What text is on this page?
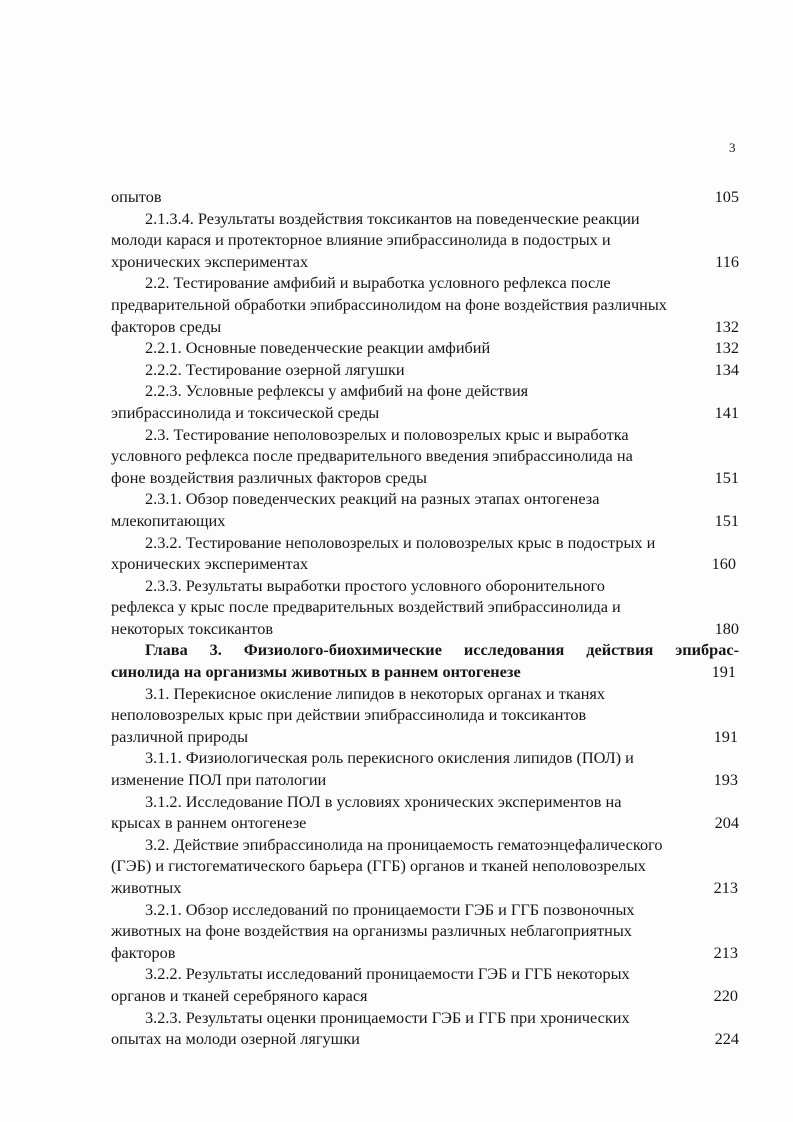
3
опытов	105
2.1.3.4. Результаты воздействия токсикантов на поведенческие реакции
молоди карася и протекторное влияние эпибрассинолида в подострых и
хронических экспериментах	116
2.2. Тестирование амфибий и выработка условного рефлекса после
предварительной обработки эпибрассинолидом на фоне воздействия различных
факторов среды	132
2.2.1. Основные поведенческие реакции амфибий	132
2.2.2. Тестирование озерной лягушки	134
2.2.3. Условные рефлексы у амфибий на фоне действия
эпибрассинолида и токсической среды	141
2.3. Тестирование неполовозрелых и половозрелых крыс и выработка
условного рефлекса после предварительного введения эпибрассинолида на
фоне воздействия различных факторов среды	151
2.3.1. Обзор поведенческих реакций на разных этапах онтогенеза
млекопитающих	151
2.3.2. Тестирование неполовозрелых и половозрелых крыс в подострых и
хронических экспериментах	160
2.3.3. Результаты выработки простого условного оборонительного
рефлекса у крыс после предварительных воздействий эпибрассинолида и
некоторых токсикантов	180
Глава 3. Физиолого-биохимические исследования действия эпибрас-
синолида на организмы животных в раннем онтогенезе	191
3.1. Перекисное окисление липидов в некоторых органах и тканях
неполовозрелых крыс при действии эпибрассинолида и токсикантов
различной природы	191
3.1.1. Физиологическая роль перекисного окисления липидов (ПОЛ) и
изменение ПОЛ при патологии	193
3.1.2. Исследование ПОЛ в условиях хронических экспериментов на
крысах в раннем онтогенезе	204
3.2. Действие эпибрассинолида на проницаемость гематоэнцефалического
(ГЭБ) и гистогематического барьера (ГГБ) органов и тканей неполовозрелых
животных	213
3.2.1. Обзор исследований по проницаемости ГЭБ и ГГБ позвоночных
животных на фоне воздействия на организмы различных неблагоприятных
факторов	213
3.2.2. Результаты исследований проницаемости ГЭБ и ГГБ некоторых
органов и тканей серебряного карася	220
3.2.3. Результаты оценки проницаемости ГЭБ и ГГБ при хронических
опытах на молоди озерной лягушки	224
